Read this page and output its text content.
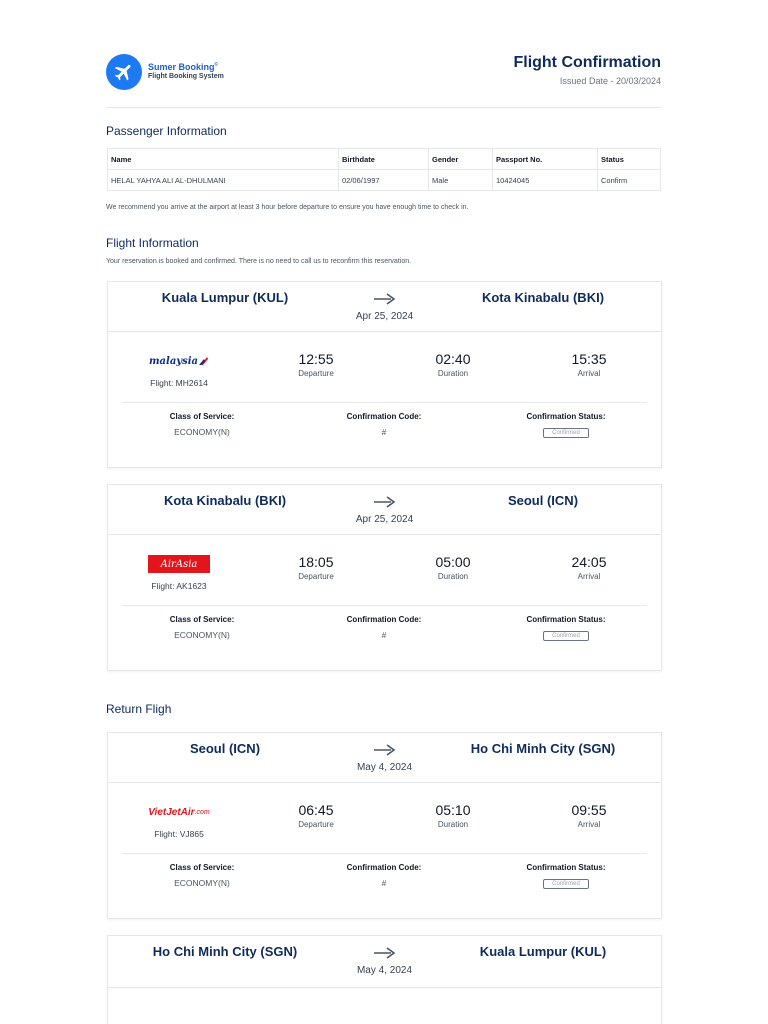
Sumer Booking©
Flight Booking System
Flight Confirmation
Issued Date - 20/03/2024
Passenger Information
Name	Birthdate	Gender	Passport No.	Status
HELAL YAHYA ALI AL-DHULMANI	02/06/1997	Male	10424045	Confirm
We recommend you arrive at the airport at least 3 hour before departure to ensure you have enough time to check in.
Flight Information
Your reservation is booked and confirmed. There is no need to call us to reconfirm this reservation.
Kuala Lumpur (KUL)	Kota Kinabalu (BKI)
Apr 25, 2024
malaysia
Flight: MH2614
12:55
Departure
02:40
Duration
15:35
Arrival
Class of Service:
ECONOMY(N)
Confirmation Code:
#
Confirmation Status:
Confirmed
Kota Kinabalu (BKI)	Seoul (ICN)
Apr 25, 2024
AirAsia
Flight: AK1623
18:05
Departure
05:00
Duration
24:05
Arrival
Class of Service:
ECONOMY(N)
Confirmation Code:
#
Confirmation Status:
Confirmed
Return Fligh
Seoul (ICN)	Ho Chi Minh City (SGN)
May 4, 2024
VietJetAir .com
Flight: VJ865
06:45
Departure
05:10
Duration
09:55
Arrival
Class of Service:
ECONOMY(N)
Confirmation Code:
#
Confirmation Status:
Confirmed
Ho Chi Minh City (SGN)	Kuala Lumpur (KUL)
May 4, 2024
